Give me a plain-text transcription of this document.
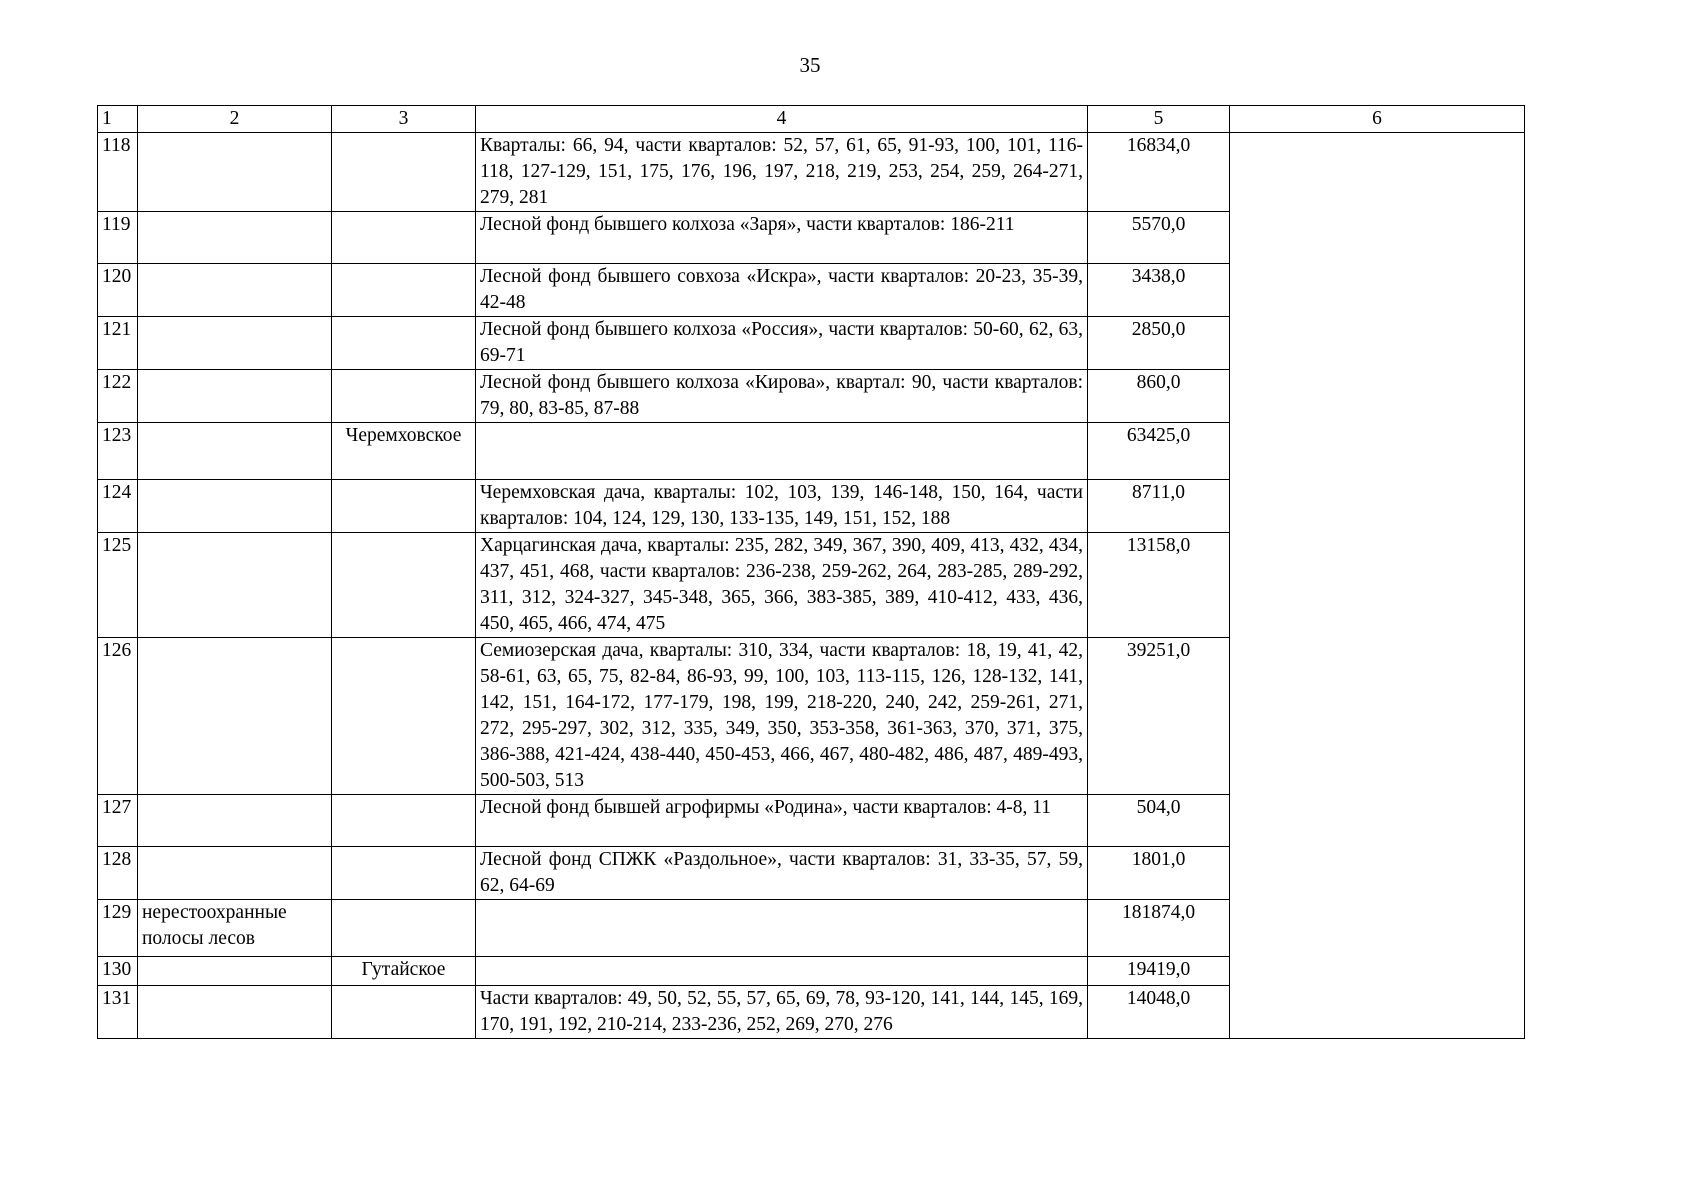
35
1	2	3	4	5	6
118			Кварталы: 66, 94, части кварталов: 52, 57, 61, 65, 91-93, 100, 101, 116-118, 127-129, 151, 175, 176, 196, 197, 218, 219, 253, 254, 259, 264-271, 279, 281	16834,0	
119			Лесной фонд бывшего колхоза «Заря», части кварталов: 186-211	5570,0	
120			Лесной фонд бывшего совхоза «Искра», части кварталов: 20-23, 35-39, 42-48	3438,0	
121			Лесной фонд бывшего колхоза «Россия», части кварталов: 50-60, 62, 63, 69-71	2850,0	
122			Лесной фонд бывшего колхоза «Кирова», квартал: 90, части кварталов: 79, 80, 83-85, 87-88	860,0	
123		Черемховское		63425,0	
124			Черемховская дача, кварталы: 102, 103, 139, 146-148, 150, 164, части кварталов: 104, 124, 129, 130, 133-135, 149, 151, 152, 188	8711,0	
125			Харцагинская дача, кварталы: 235, 282, 349, 367, 390, 409, 413, 432, 434, 437, 451, 468, части кварталов: 236-238, 259-262, 264, 283-285, 289-292, 311, 312, 324-327, 345-348, 365, 366, 383-385, 389, 410-412, 433, 436, 450, 465, 466, 474, 475	13158,0	
126			Семиозерская дача, кварталы: 310, 334, части кварталов: 18, 19, 41, 42, 58-61, 63, 65, 75, 82-84, 86-93, 99, 100, 103, 113-115, 126, 128-132, 141, 142, 151, 164-172, 177-179, 198, 199, 218-220, 240, 242, 259-261, 271, 272, 295-297, 302, 312, 335, 349, 350, 353-358, 361-363, 370, 371, 375, 386-388, 421-424, 438-440, 450-453, 466, 467, 480-482, 486, 487, 489-493, 500-503, 513	39251,0	
127			Лесной фонд бывшей агрофирмы «Родина», части кварталов: 4-8, 11	504,0	
128			Лесной фонд СПЖК «Раздольное», части кварталов: 31, 33-35, 57, 59, 62, 64-69	1801,0	
129	нерестоохранные полосы лесов			181874,0	
130		Гутайское		19419,0	
131			Части кварталов: 49, 50, 52, 55, 57, 65, 69, 78, 93-120, 141, 144, 145, 169, 170, 191, 192, 210-214, 233-236, 252, 269, 270, 276	14048,0	
